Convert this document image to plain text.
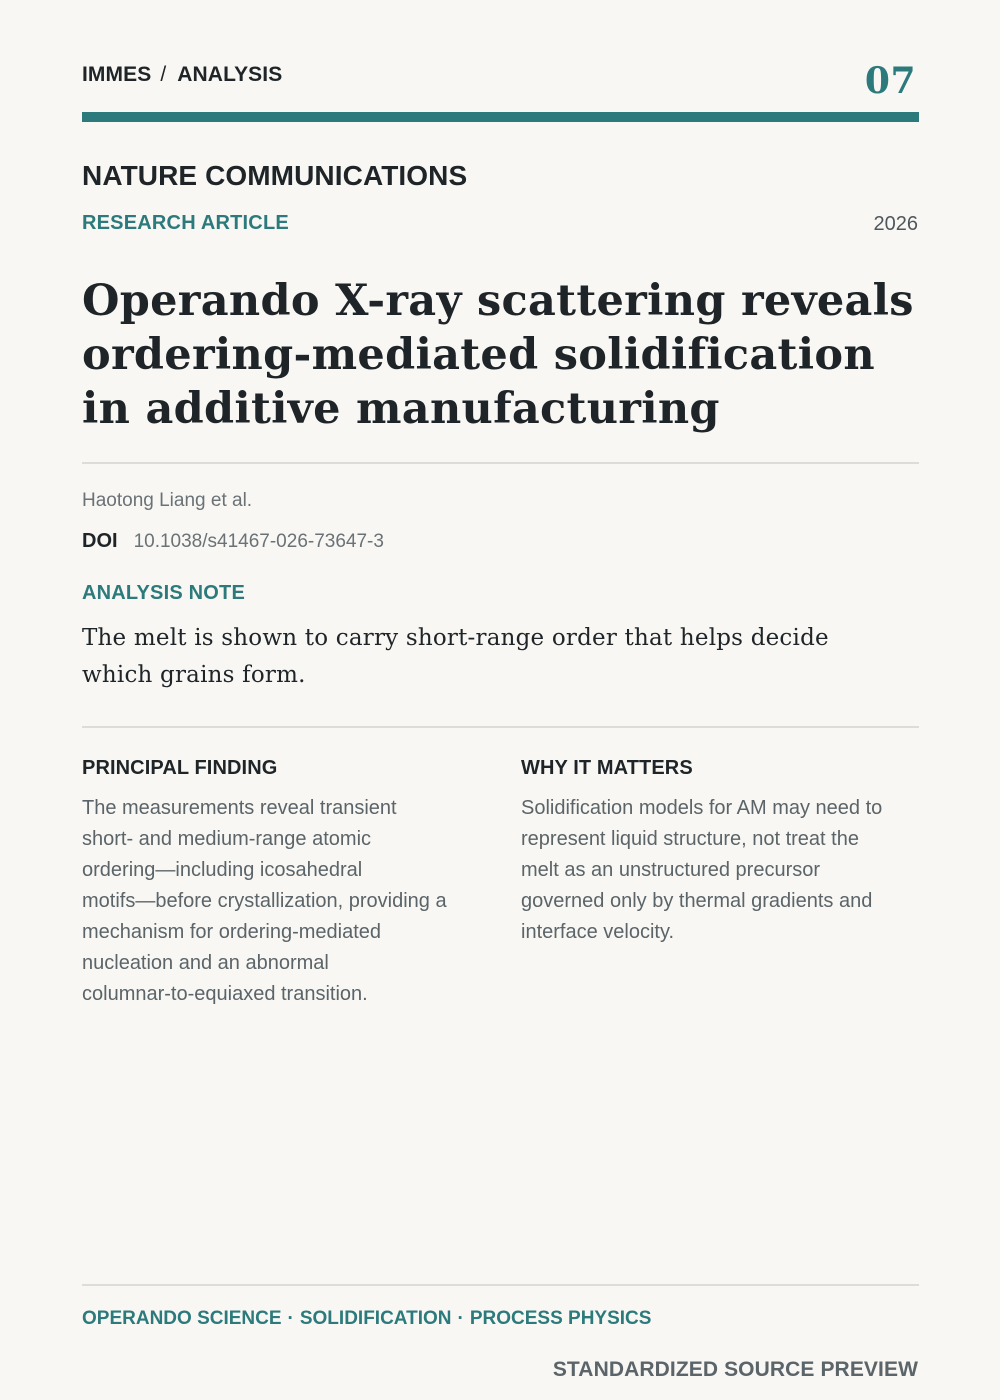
IMMES / ANALYSIS	07
NATURE COMMUNICATIONS
RESEARCH ARTICLE	2026
Operando X-ray scattering reveals
ordering-mediated solidification
in additive manufacturing
Haotong Liang et al.
DOI 10.1038/s41467-026-73647-3
ANALYSIS NOTE

The melt is shown to carry short-range order that helps decide
which grains form.

PRINCIPAL FINDING

The measurements reveal transient
short- and medium-range atomic
ordering—including icosahedral
motifs—before crystallization, providing a
mechanism for ordering-mediated
nucleation and an abnormal
columnar-to-equiaxed transition.

WHY IT MATTERS

Solidification models for AM may need to
represent liquid structure, not treat the
melt as an unstructured precursor
governed only by thermal gradients and
interface velocity.

OPERANDO SCIENCE · SOLIDIFICATION · PROCESS PHYSICS
STANDARDIZED SOURCE PREVIEW
